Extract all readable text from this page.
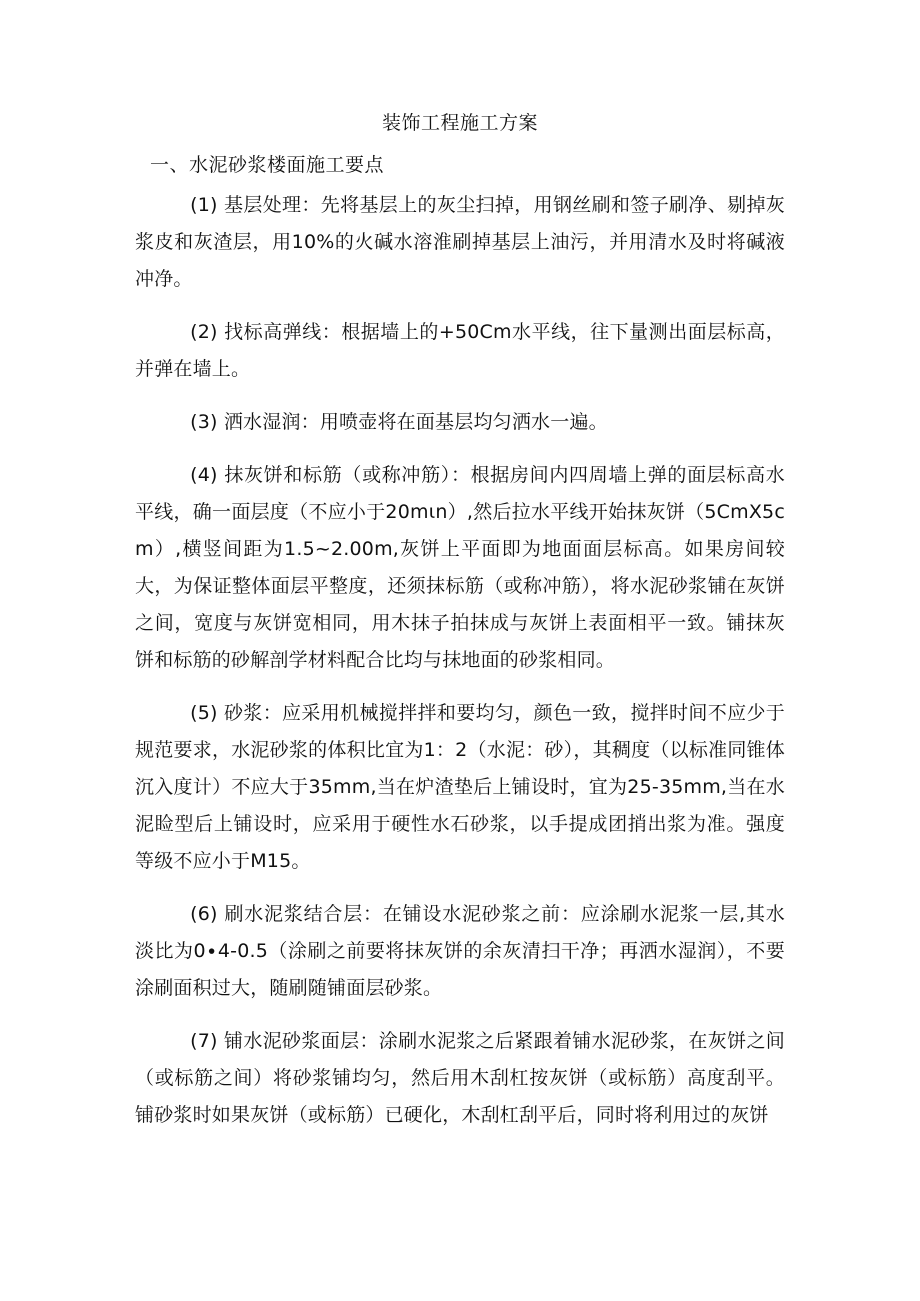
装饰工程施工方案
一、水泥砂浆楼面施工要点

(1) 基层处理：先将基层上的灰尘扫掉，用钢丝刷和签子刷净、剔掉灰浆皮和灰渣层，用10%的火碱水溶淮刷掉基层上油污，并用清水及时将碱液冲净。

(2) 找标高弹线：根据墙上的+50Cm水平线，往下量测出面层标高，并弹在墙上。

(3) 洒水湿润：用喷壶将在面基层均匀洒水一遍。

(4) 抹灰饼和标筋（或称冲筋）：根据房间内四周墙上弹的面层标高水平线，确一面层度（不应小于20mιn）,然后拉水平线开始抹灰饼（5CmX5cm）,横竖间距为1.5~2.00m,灰饼上平面即为地面面层标高。如果房间较大，为保证整体面层平整度，还须抹标筋（或称冲筋），将水泥砂浆铺在灰饼之间，宽度与灰饼宽相同，用木抹子拍抹成与灰饼上表面相平一致。铺抹灰饼和标筋的砂解剖学材料配合比均与抹地面的砂浆相同。

(5) 砂浆：应采用机械搅拌拌和要均匀，颜色一致，搅拌时间不应少于规范要求，水泥砂浆的体积比宜为1：2（水泥：砂），其稠度（以标准同锥体沉入度计）不应大于35mm,当在炉渣垫后上铺设时，宜为25-35mm,当在水泥睑型后上铺设时，应采用于硬性水石砂浆，以手提成团捎出浆为准。强度等级不应小于M15。

(6) 刷水泥浆结合层：在铺设水泥砂浆之前：应涂刷水泥浆一层,其水淡比为0∙4-0.5（涂刷之前要将抹灰饼的余灰清扫干净；再洒水湿润），不要涂刷面积过大，随刷随铺面层砂浆。

(7) 铺水泥砂浆面层：涂刷水泥浆之后紧跟着铺水泥砂浆，在灰饼之间（或标筋之间）将砂浆铺均匀，然后用木刮杠按灰饼（或标筋）高度刮平。铺砂浆时如果灰饼（或标筋）已硬化，木刮杠刮平后，同时将利用过的灰饼
